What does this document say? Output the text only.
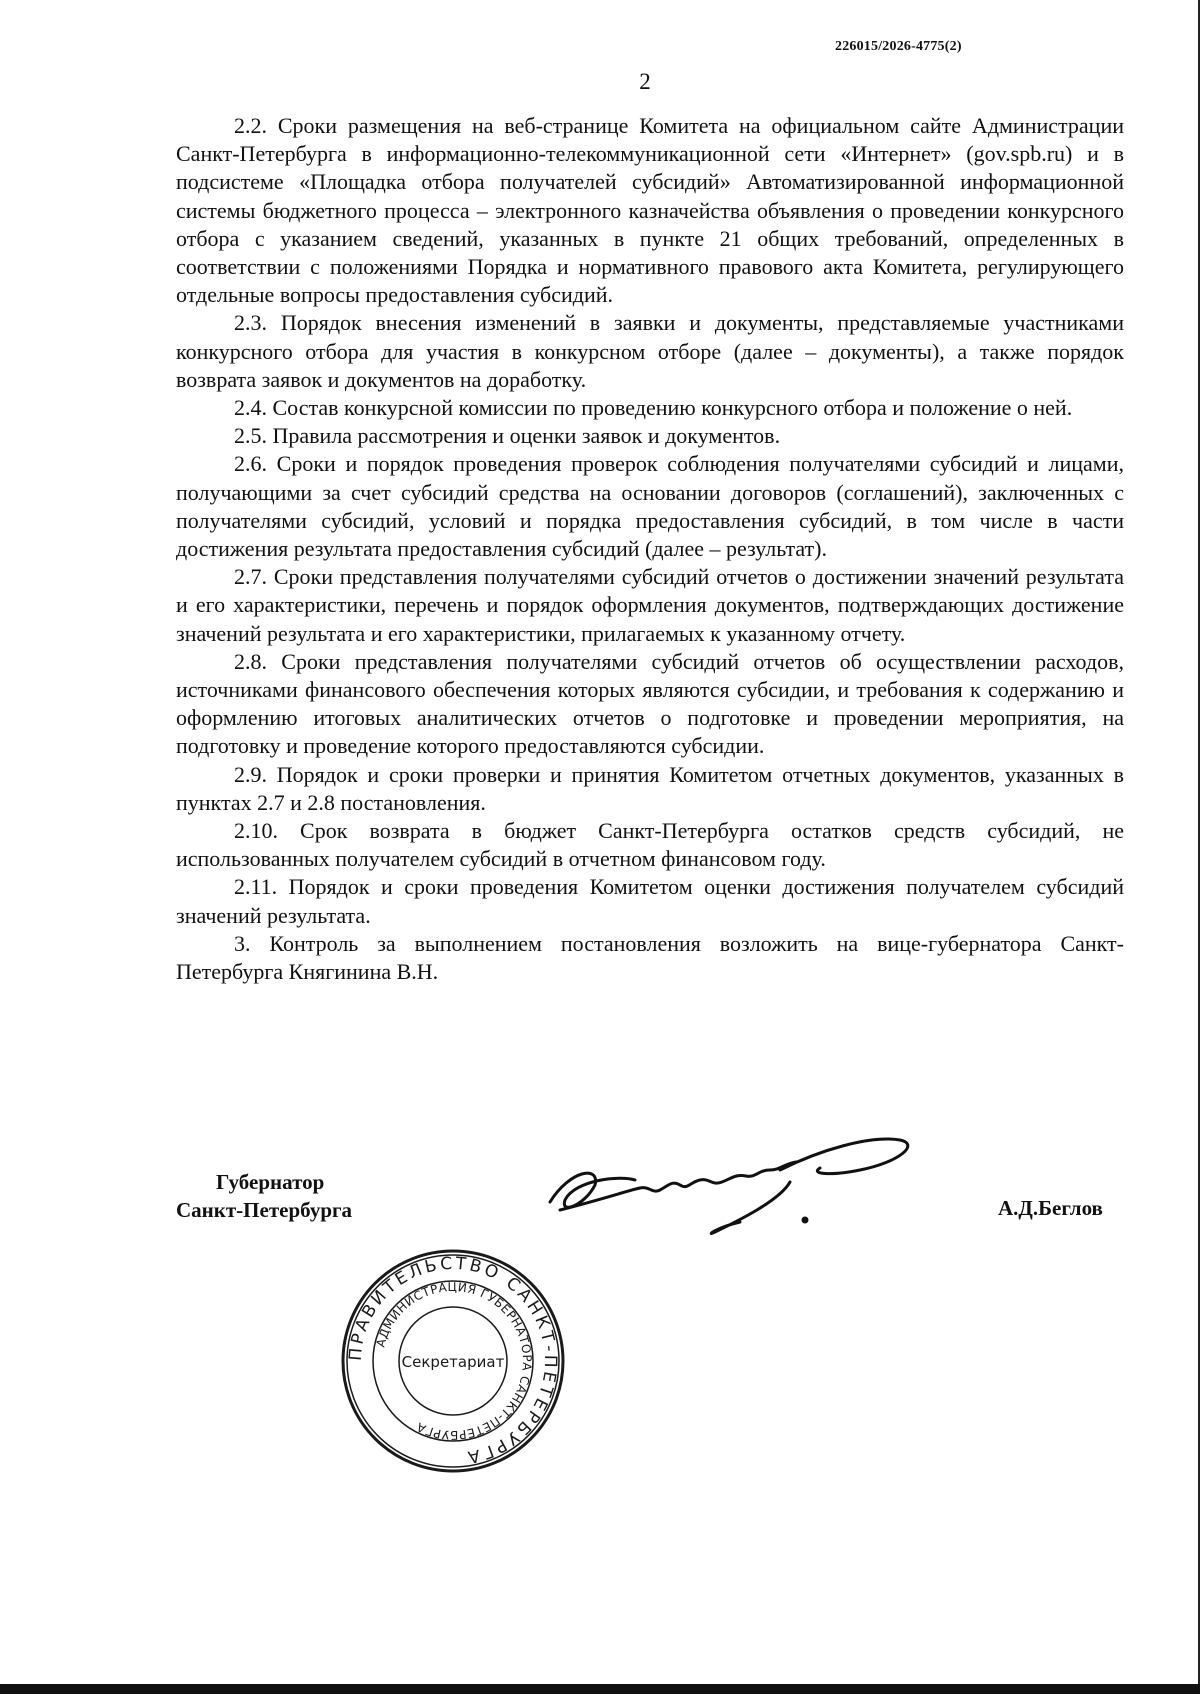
226015/2026-4775(2)
2

2.2. Сроки размещения на веб-странице Комитета на официальном сайте Администрации Санкт-Петербурга в информационно-телекоммуникационной сети «Интернет» (gov.spb.ru) и в подсистеме «Площадка отбора получателей субсидий» Автоматизированной информационной системы бюджетного процесса – электронного казначейства объявления о проведении конкурсного отбора с указанием сведений, указанных в пункте 21 общих требований, определенных в соответствии с положениями Порядка и нормативного правового акта Комитета, регулирующего отдельные вопросы предоставления субсидий.

2.3. Порядок внесения изменений в заявки и документы, представляемые участниками конкурсного отбора для участия в конкурсном отборе (далее – документы), а также порядок возврата заявок и документов на доработку.

2.4. Состав конкурсной комиссии по проведению конкурсного отбора и положение о ней.

2.5. Правила рассмотрения и оценки заявок и документов.

2.6. Сроки и порядок проведения проверок соблюдения получателями субсидий и лицами, получающими за счет субсидий средства на основании договоров (соглашений), заключенных с получателями субсидий, условий и порядка предоставления субсидий, в том числе в части достижения результата предоставления субсидий (далее – результат).

2.7. Сроки представления получателями субсидий отчетов о достижении значений результата и его характеристики, перечень и порядок оформления документов, подтверждающих достижение значений результата и его характеристики, прилагаемых к указанному отчету.

2.8. Сроки представления получателями субсидий отчетов об осуществлении расходов, источниками финансового обеспечения которых являются субсидии, и требования к содержанию и оформлению итоговых аналитических отчетов о подготовке и проведении мероприятия, на подготовку и проведение которого предоставляются субсидии.

2.9. Порядок и сроки проверки и принятия Комитетом отчетных документов, указанных в пунктах 2.7 и 2.8 постановления.

2.10. Срок возврата в бюджет Санкт-Петербурга остатков средств субсидий, не использованных получателем субсидий в отчетном финансовом году.

2.11. Порядок и сроки проведения Комитетом оценки достижения получателем субсидий значений результата.

3. Контроль за выполнением постановления возложить на вице-губернатора Санкт-Петербурга Княгинина В.Н.

Губернатор
Санкт-Петербурга	А.Д.Беглов
ПРАВИТЕЛЬСТВО САНКТ-ПЕТЕРБУРГА
АДМИНИСТРАЦИЯ ГУБЕРНАТОРА САНКТ-ПЕТЕРБУРГА
Секретариат
